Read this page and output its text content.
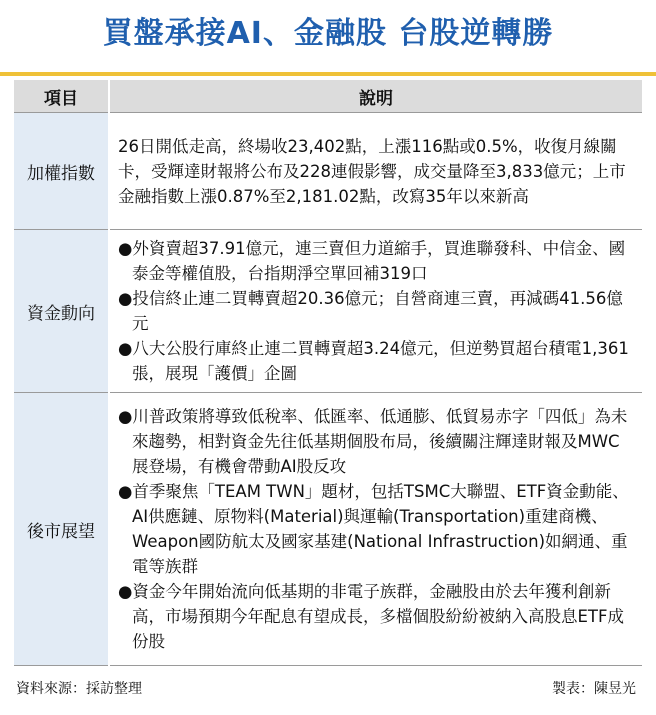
買盤承接AI、金融股 台股逆轉勝
項目	說明
加權指數	26日開低走高，終場收23,402點，上漲116點或0.5%，收復月線關卡，受輝達財報將公布及228連假影響，成交量降至3,833億元；上市金融指數上漲0.87%至2,181.02點，改寫35年以來新高

資金動向	●外資賣超37.91億元，連三賣但力道縮手，買進聯發科、中信金、國泰金等權值股，台指期淨空單回補319口

●投信終止連二買轉賣超20.36億元；自營商連三賣，再減碼41.56億元

●八大公股行庫終止連二買轉賣超3.24億元，但逆勢買超台積電1,361張，展現「護價」企圖

後市展望	●川普政策將導致低稅率、低匯率、低通膨、低貿易赤字「四低」為未來趨勢，相對資金先往低基期個股布局，後續關注輝達財報及MWC展登場，有機會帶動AI股反攻

●首季聚焦「TEAM TWN」題材，包括TSMC大聯盟、ETF資金動能、AI供應鏈、原物料(Material)與運輸(Transportation)重建商機、Weapon國防航太及國家基建(National Infrastruction)如網通、重電等族群

●資金今年開始流向低基期的非電子族群，金融股由於去年獲利創新高，市場預期今年配息有望成長，多檔個股紛紛被納入高股息ETF成份股

資料來源：採訪整理	製表：陳昱光
